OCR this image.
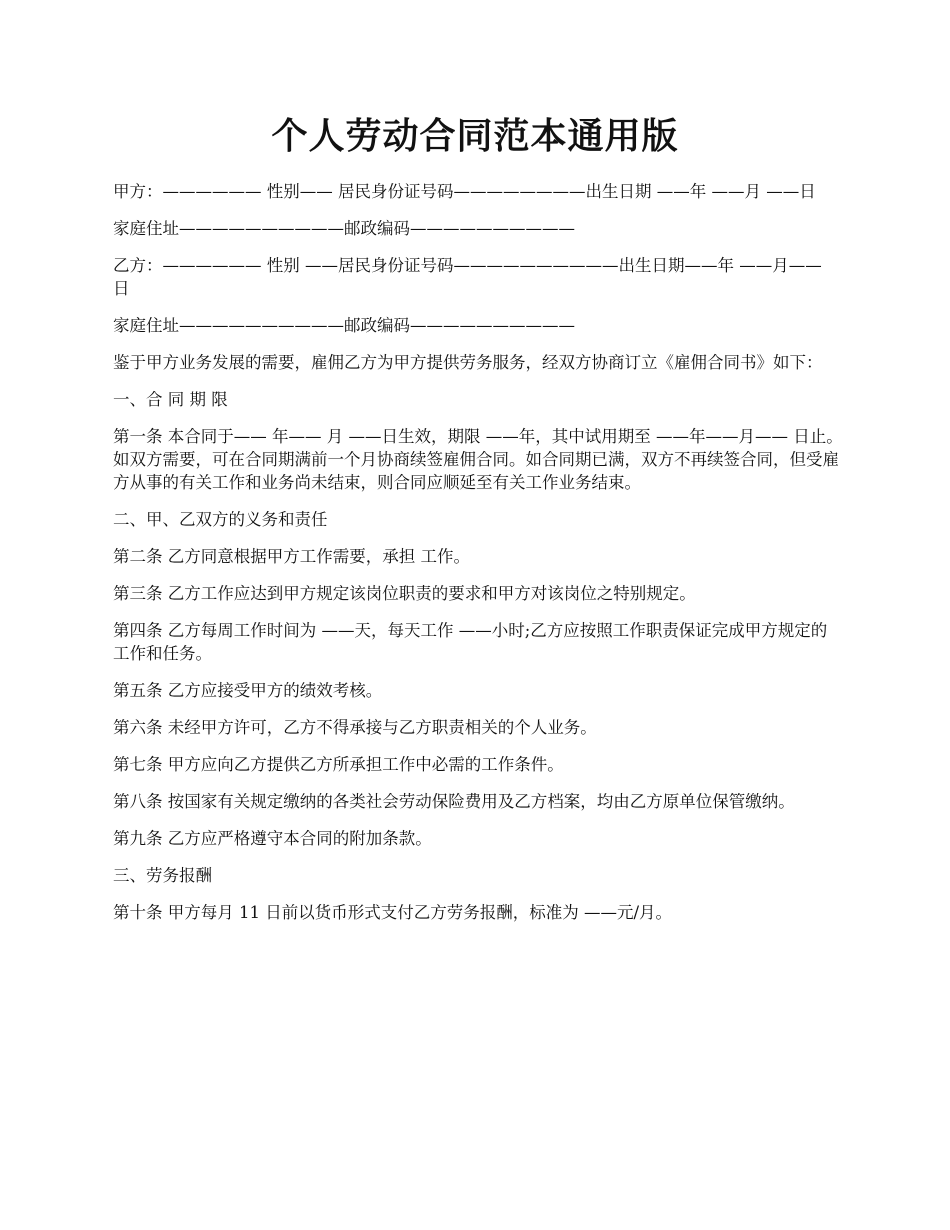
个人劳动合同范本通用版

甲方：—————— 性别—— 居民身份证号码————————出生日期 ——年 ——月 ——日

家庭住址——————————邮政编码——————————

乙方：—————— 性别 ——居民身份证号码——————————出生日期——年 ——月—— 日

家庭住址——————————邮政编码——————————

鉴于甲方业务发展的需要，雇佣乙方为甲方提供劳务服务，经双方协商订立《雇佣合同书》如下：

一、合 同 期 限

第一条 本合同于—— 年—— 月 ——日生效，期限 ——年，其中试用期至 ——年——月—— 日止。如双方需要，可在合同期满前一个月协商续签雇佣合同。如合同期已满，双方不再续签合同，但受雇方从事的有关工作和业务尚未结束，则合同应顺延至有关工作业务结束。

二、甲、乙双方的义务和责任

第二条 乙方同意根据甲方工作需要，承担 工作。

第三条 乙方工作应达到甲方规定该岗位职责的要求和甲方对该岗位之特别规定。

第四条 乙方每周工作时间为 ——天，每天工作 ——小时;乙方应按照工作职责保证完成甲方规定的工作和任务。

第五条 乙方应接受甲方的绩效考核。

第六条 未经甲方许可，乙方不得承接与乙方职责相关的个人业务。

第七条 甲方应向乙方提供乙方所承担工作中必需的工作条件。

第八条 按国家有关规定缴纳的各类社会劳动保险费用及乙方档案，均由乙方原单位保管缴纳。

第九条 乙方应严格遵守本合同的附加条款。

三、劳务报酬

第十条 甲方每月 11 日前以货币形式支付乙方劳务报酬，标准为 ——元/月。
